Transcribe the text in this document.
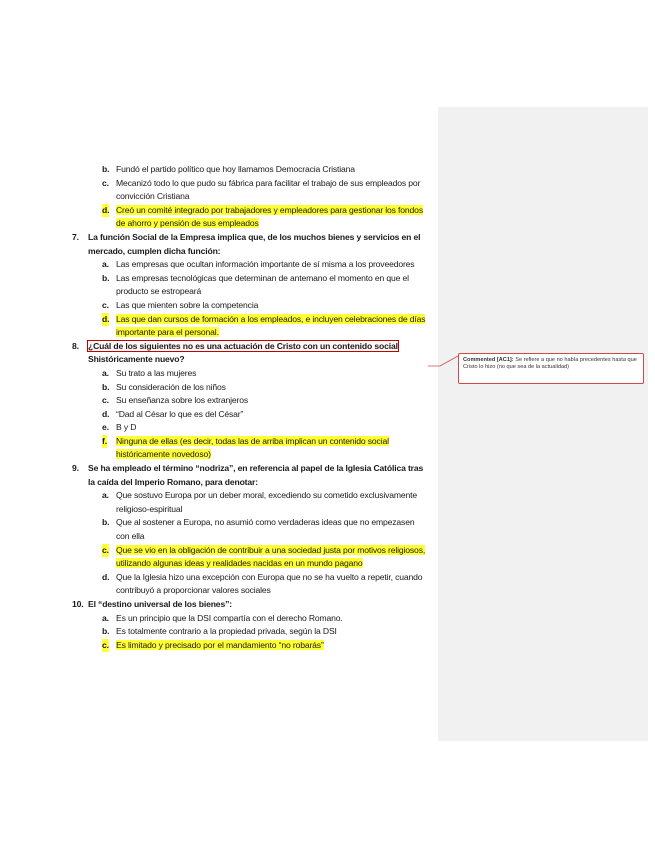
b. Fundó el partido político que hoy llamamos Democracia Cristiana
c. Mecanizó todo lo que pudo su fábrica para facilitar el trabajo de sus empleados por convicción Cristiana
d. Creó un comité integrado por trabajadores y empleadores para gestionar los fondos de ahorro y pensión de sus empleados
7. La función Social de la Empresa implica que, de los muchos bienes y servicios en el mercado, cumplen dicha función:
a. Las empresas que ocultan información importante de sí misma a los proveedores
b. Las empresas tecnológicas que determinan de antemano el momento en que el producto se estropeará
c. Las que mienten sobre la competencia
d. Las que dan cursos de formación a los empleados, e incluyen celebraciones de días importante para el personal.
8. ¿Cuál de los siguientes no es una actuación de Cristo con un contenido social
Shistóricamente nuevo?
a. Su trato a las mujeres
b. Su consideración de los niños
c. Su enseñanza sobre los extranjeros
d. “Dad al César lo que es del César”
e. B y D
f. Ninguna de ellas (es decir, todas las de arriba implican un contenido social históricamente novedoso)
9. Se ha empleado el término “nodriza”, en referencia al papel de la Iglesia Católica tras la caída del Imperio Romano, para denotar:
a. Que sostuvo Europa por un deber moral, excediendo su cometido exclusivamente religioso-espiritual
b. Que al sostener a Europa, no asumió como verdaderas ideas que no empezasen con ella
c. Que se vio en la obligación de contribuir a una sociedad justa por motivos religiosos, utilizando algunas ideas y realidades nacidas en un mundo pagano
d. Que la Iglesia hizo una excepción con Europa que no se ha vuelto a repetir, cuando contribuyó a proporcionar valores sociales
10. El “destino universal de los bienes”:
a. Es un principio que la DSI compartía con el derecho Romano.
b. Es totalmente contrario a la propiedad privada, según la DSI
c. Es limitado y precisado por el mandamiento “no robarás”
Commented [AC1]: Se refiere a que no había precedentes hasta que Cristo lo hizo (no que sea de la actualidad)
